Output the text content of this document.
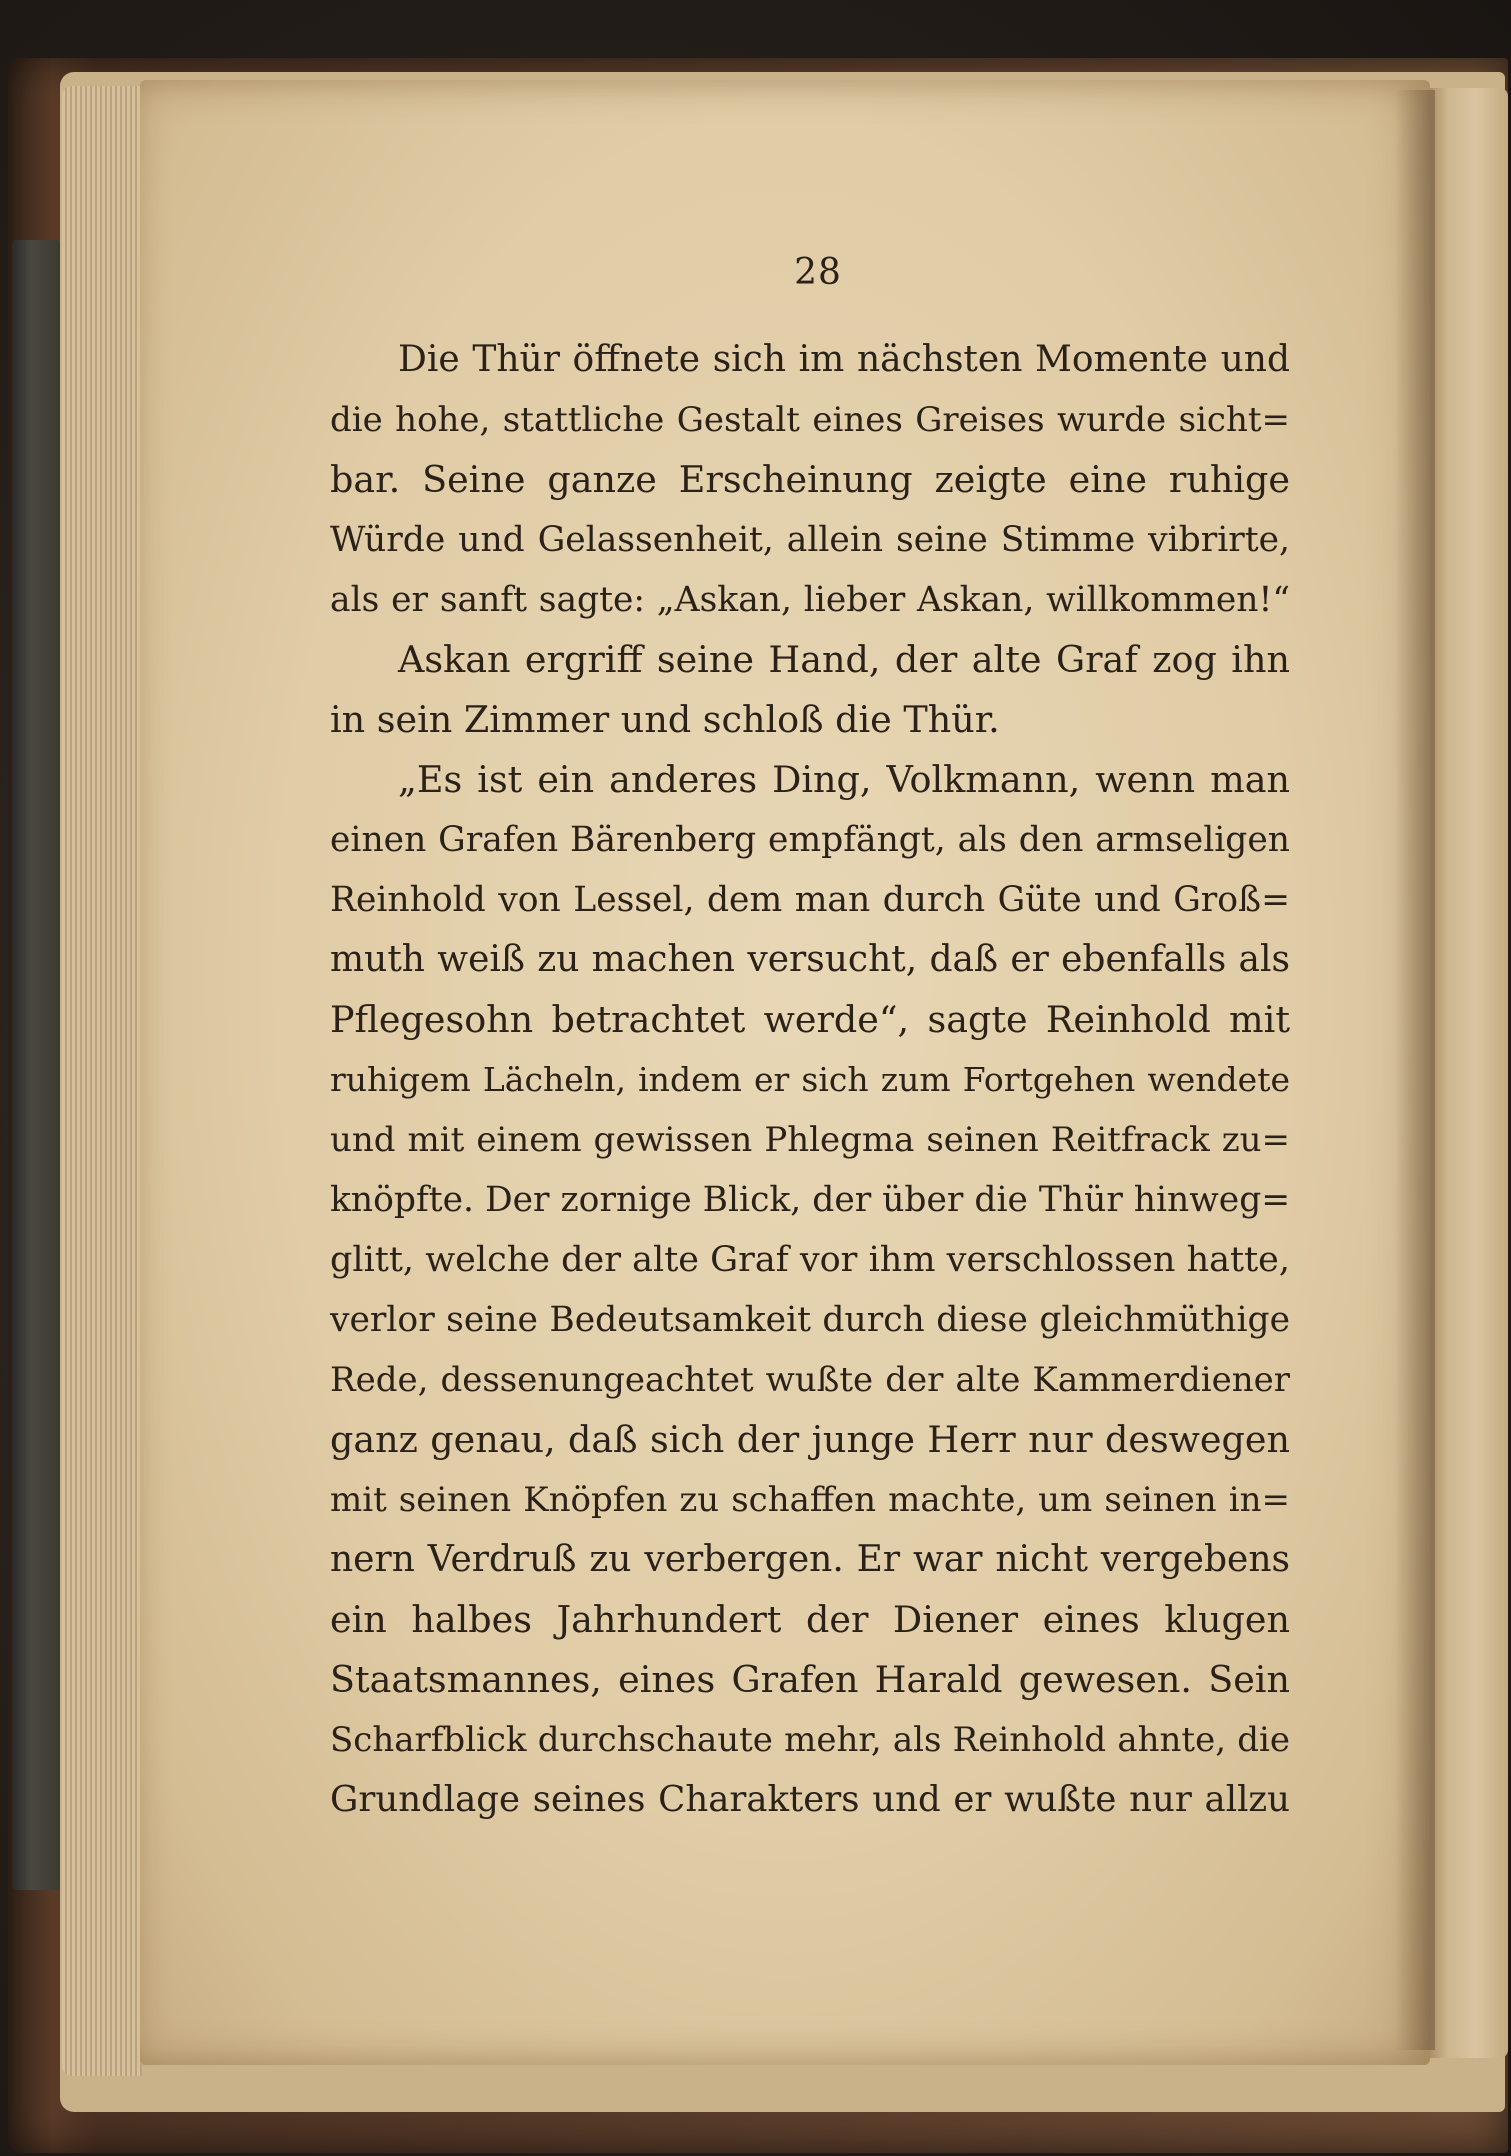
28
Die Thür öffnete sich im nächsten Momente und
die hohe, stattliche Gestalt eines Greises wurde sicht=
bar. Seine ganze Erscheinung zeigte eine ruhige
Würde und Gelassenheit, allein seine Stimme vibrirte,
als er sanft sagte: „Askan, lieber Askan, willkommen!“
Askan ergriff seine Hand, der alte Graf zog ihn
in sein Zimmer und schloß die Thür.
„Es ist ein anderes Ding, Volkmann, wenn man
einen Grafen Bärenberg empfängt, als den armseligen
Reinhold von Lessel, dem man durch Güte und Groß=
muth weiß zu machen versucht, daß er ebenfalls als
Pflegesohn betrachtet werde“, sagte Reinhold mit
ruhigem Lächeln, indem er sich zum Fortgehen wendete
und mit einem gewissen Phlegma seinen Reitfrack zu=
knöpfte. Der zornige Blick, der über die Thür hinweg=
glitt, welche der alte Graf vor ihm verschlossen hatte,
verlor seine Bedeutsamkeit durch diese gleichmüthige
Rede, dessenungeachtet wußte der alte Kammerdiener
ganz genau, daß sich der junge Herr nur deswegen
mit seinen Knöpfen zu schaffen machte, um seinen in=
nern Verdruß zu verbergen. Er war nicht vergebens
ein halbes Jahrhundert der Diener eines klugen
Staatsmannes, eines Grafen Harald gewesen. Sein
Scharfblick durchschaute mehr, als Reinhold ahnte, die
Grundlage seines Charakters und er wußte nur allzu
